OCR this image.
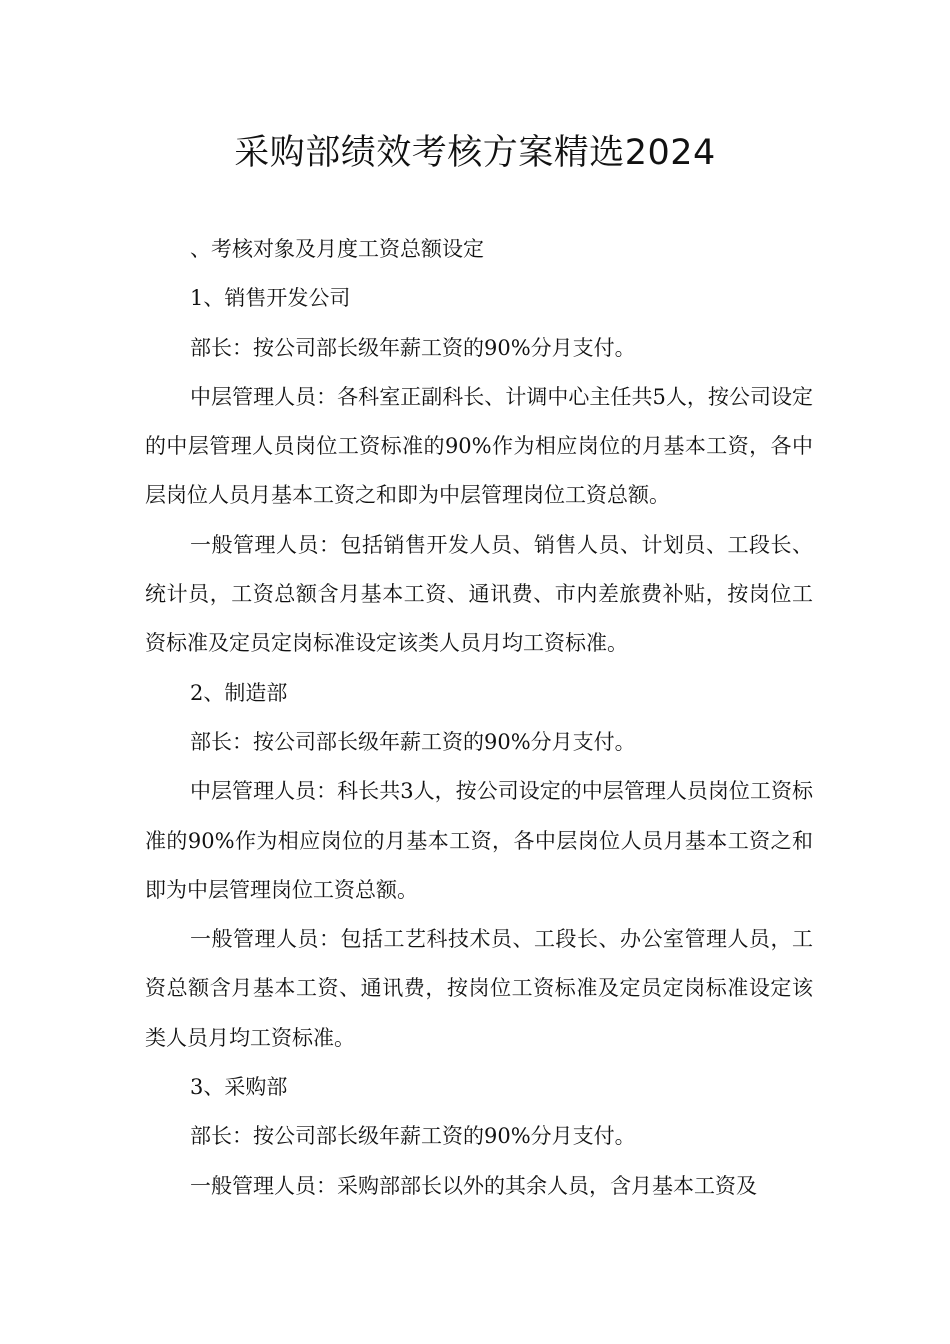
采购部绩效考核方案精选2024

、考核对象及月度工资总额设定

1、销售开发公司

部长：按公司部长级年薪工资的90%分月支付。

中层管理人员：各科室正副科长、计调中心主任共5人，按公司设定的中层管理人员岗位工资标准的90%作为相应岗位的月基本工资，各中层岗位人员月基本工资之和即为中层管理岗位工资总额。

一般管理人员：包括销售开发人员、销售人员、计划员、工段长、统计员，工资总额含月基本工资、通讯费、市内差旅费补贴，按岗位工资标准及定员定岗标准设定该类人员月均工资标准。

2、制造部

部长：按公司部长级年薪工资的90%分月支付。

中层管理人员：科长共3人，按公司设定的中层管理人员岗位工资标准的90%作为相应岗位的月基本工资，各中层岗位人员月基本工资之和即为中层管理岗位工资总额。

一般管理人员：包括工艺科技术员、工段长、办公室管理人员，工资总额含月基本工资、通讯费，按岗位工资标准及定员定岗标准设定该类人员月均工资标准。

3、采购部

部长：按公司部长级年薪工资的90%分月支付。

一般管理人员：采购部部长以外的其余人员，含月基本工资及
